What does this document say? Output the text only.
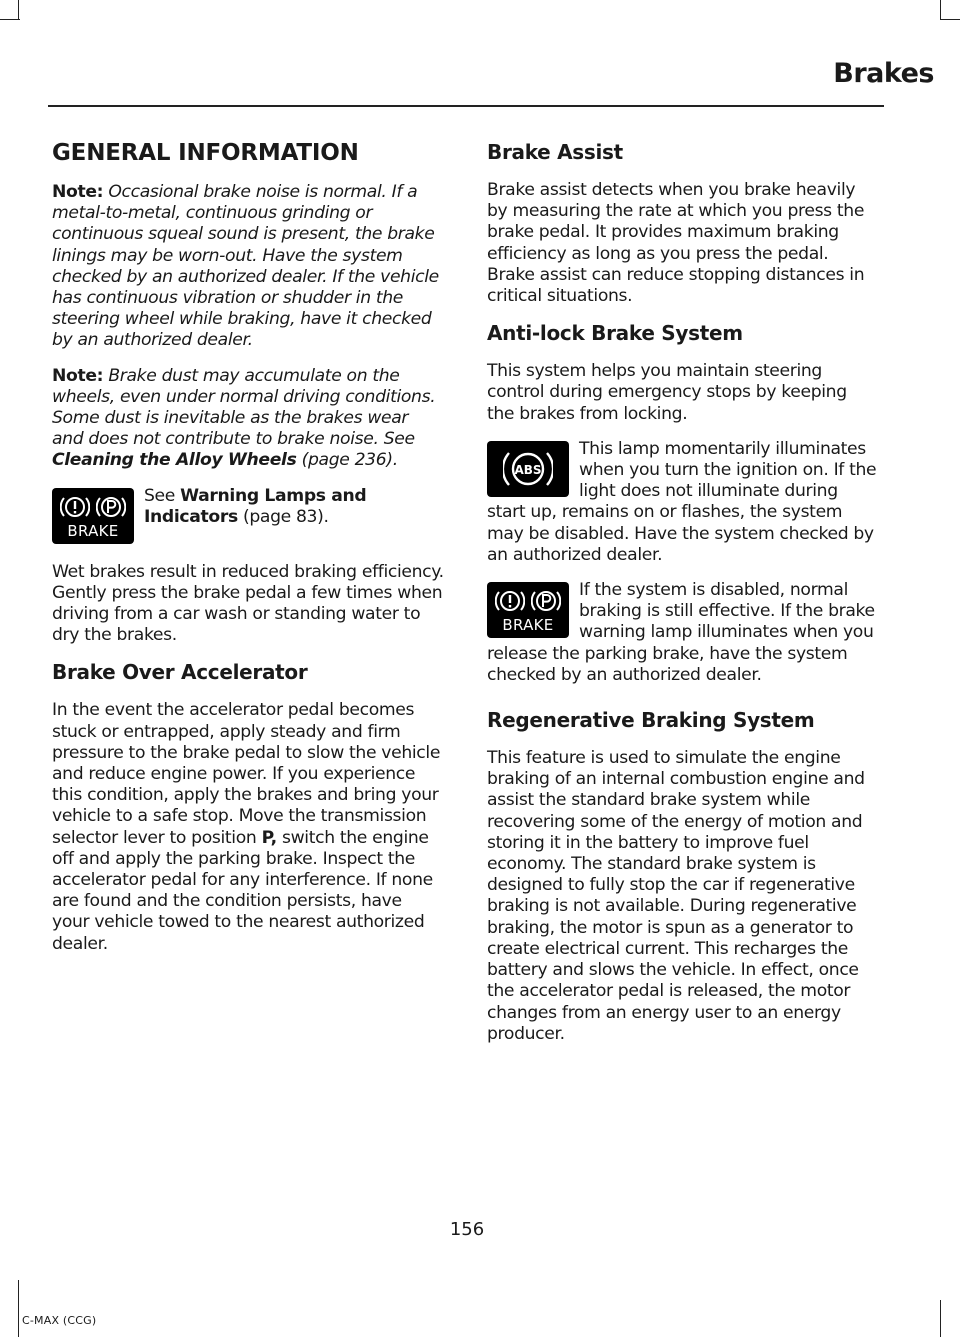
Brakes
GENERAL INFORMATION

Note: Occasional brake noise is normal. If a metal-to-metal, continuous grinding or continuous squeal sound is present, the brake linings may be worn-out. Have the system checked by an authorized dealer. If the vehicle has continuous vibration or shudder in the steering wheel while braking, have it checked by an authorized dealer.

Note: Brake dust may accumulate on the wheels, even under normal driving conditions. Some dust is inevitable as the brakes wear and does not contribute to brake noise. See Cleaning the Alloy Wheels (page 236).

BRAKE

See Warning Lamps and Indicators (page 83).

Wet brakes result in reduced braking efficiency. Gently press the brake pedal a few times when driving from a car wash or standing water to dry the brakes.

Brake Over Accelerator

In the event the accelerator pedal becomes stuck or entrapped, apply steady and firm pressure to the brake pedal to slow the vehicle and reduce engine power. If you experience this condition, apply the brakes and bring your vehicle to a safe stop. Move the transmission selector lever to position P, switch the engine off and apply the parking brake. Inspect the accelerator pedal for any interference. If none are found and the condition persists, have your vehicle towed to the nearest authorized dealer.

Brake Assist

Brake assist detects when you brake heavily by measuring the rate at which you press the brake pedal. It provides maximum braking efficiency as long as you press the pedal. Brake assist can reduce stopping distances in critical situations.

Anti-lock Brake System

This system helps you maintain steering control during emergency stops by keeping the brakes from locking.

ABS

This lamp momentarily illuminates when you turn the ignition on. If the light does not illuminate during start up, remains on or flashes, the system may be disabled. Have the system checked by an authorized dealer.

BRAKE

If the system is disabled, normal braking is still effective. If the brake warning lamp illuminates when you release the parking brake, have the system checked by an authorized dealer.

Regenerative Braking System

This feature is used to simulate the engine braking of an internal combustion engine and assist the standard brake system while recovering some of the energy of motion and storing it in the battery to improve fuel economy. The standard brake system is designed to fully stop the car if regenerative braking is not available. During regenerative braking, the motor is spun as a generator to create electrical current. This recharges the battery and slows the vehicle. In effect, once the accelerator pedal is released, the motor changes from an energy user to an energy producer.

156
C-MAX (CCG)
